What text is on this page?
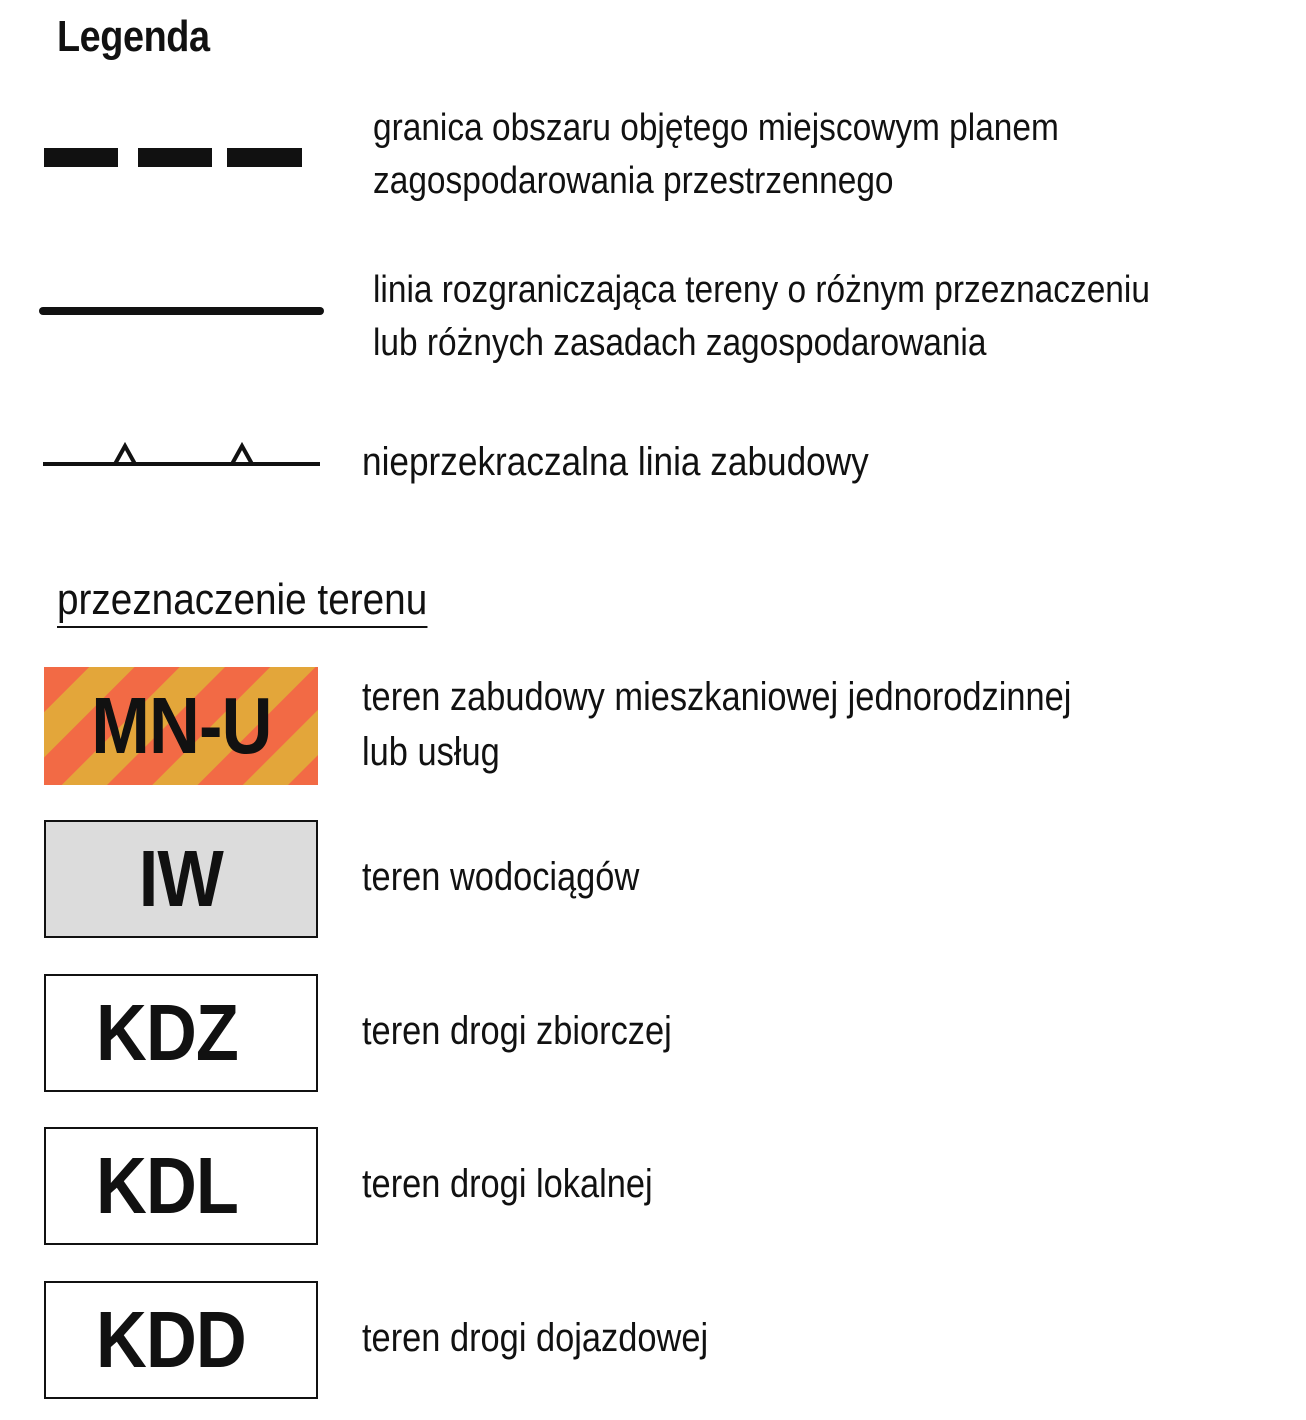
Legenda
granica obszaru objętego miejscowym planem
zagospodarowania przestrzennego
linia rozgraniczająca tereny o różnym przeznaczeniu
lub różnych zasadach zagospodarowania
nieprzekraczalna linia zabudowy
przeznaczenie terenu
MN-U teren zabudowy mieszkaniowej jednorodzinnej
lub usług
IW	teren wodociągów
KDZ	teren drogi zbiorczej
KDL	teren drogi lokalnej
KDD	teren drogi dojazdowej
